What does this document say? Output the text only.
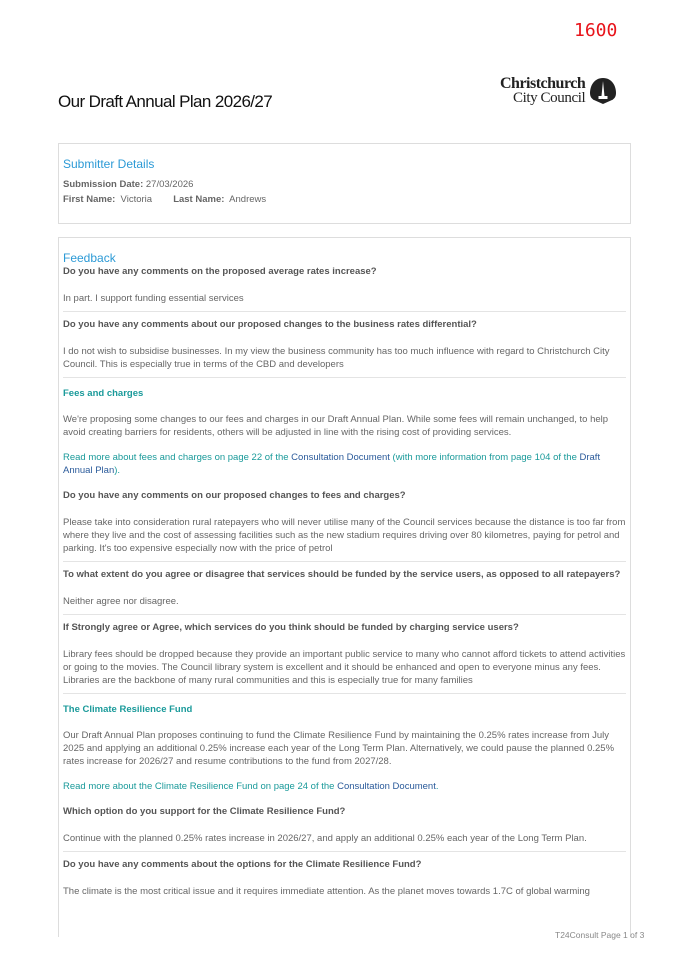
1600
Our Draft Annual Plan 2026/27
Christchurch
City Council
Submitter Details
Submission Date: 27/03/2026
First Name: Victoria Last Name: Andrews
Feedback
Do you have any comments on the proposed average rates increase?
In part. I support funding essential services
Do you have any comments about our proposed changes to the business rates differential?
I do not wish to subsidise businesses. In my view the business community has too much influence with regard to Christchurch City Council. This is especially true in terms of the CBD and developers
Fees and charges
We're proposing some changes to our fees and charges in our Draft Annual Plan. While some fees will remain unchanged, to help avoid creating barriers for residents, others will be adjusted in line with the rising cost of providing services.
Read more about fees and charges on page 22 of the Consultation Document (with more information from page 104 of the Draft Annual Plan).
Do you have any comments on our proposed changes to fees and charges?
Please take into consideration rural ratepayers who will never utilise many of the Council services because the distance is too far from where they live and the cost of assessing facilities such as the new stadium requires driving over 80 kilometres, paying for petrol and parking. It's too expensive especially now with the price of petrol
To what extent do you agree or disagree that services should be funded by the service users, as opposed to all ratepayers?
Neither agree nor disagree.
If Strongly agree or Agree, which services do you think should be funded by charging service users?
Library fees should be dropped because they provide an important public service to many who cannot afford tickets to attend activities or going to the movies. The Council library system is excellent and it should be enhanced and open to everyone minus any fees. Libraries are the backbone of many rural communities and this is especially true for many families
The Climate Resilience Fund
Our Draft Annual Plan proposes continuing to fund the Climate Resilience Fund by maintaining the 0.25% rates increase from July 2025 and applying an additional 0.25% increase each year of the Long Term Plan. Alternatively, we could pause the planned 0.25% rates increase for 2026/27 and resume contributions to the fund from 2027/28.
Read more about the Climate Resilience Fund on page 24 of the Consultation Document.
Which option do you support for the Climate Resilience Fund?
Continue with the planned 0.25% rates increase in 2026/27, and apply an additional 0.25% each year of the Long Term Plan.
Do you have any comments about the options for the Climate Resilience Fund?
The climate is the most critical issue and it requires immediate attention. As the planet moves towards 1.7C of global warming
T24Consult Page 1 of 3
